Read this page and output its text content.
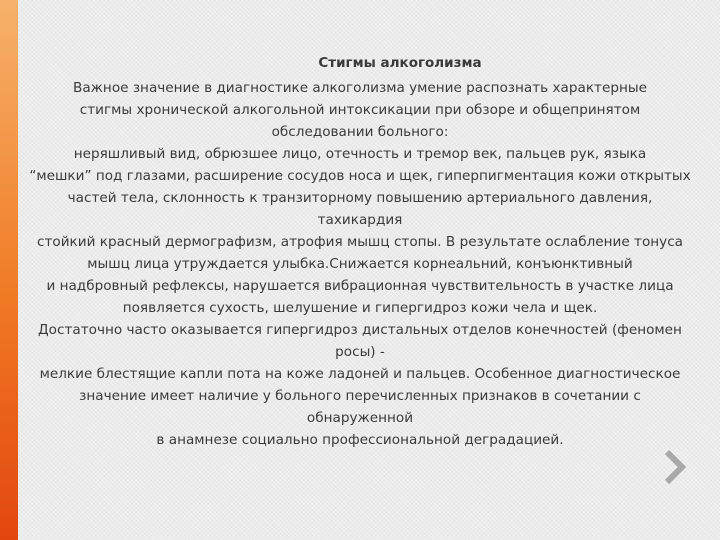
Стигмы алкоголизма
Важное значение в диагностике алкоголизма умение распознать характерные
стигмы хронической алкогольной интоксикации при обзоре и общепринятом
обследовании больного:
неряшливый вид, обрюзшее лицо, отечность и тремор век, пальцев рук, языка
“мешки” под глазами, расширение сосудов носа и щек, гиперпигментация кожи открытых
частей тела, склонность к транзиторному повышению артериального давления,
тахикардия
стойкий красный дермографизм, атрофия мышц стопы. В результате ослабление тонуса
мышц лица утруждается улыбка.Снижается корнеальний, конъюнктивный
и надбровный рефлексы, нарушается вибрационная чувствительность в участке лица
появляется сухость, шелушение и гипергидроз кожи чела и щек.
Достаточно часто оказывается гипергидроз дистальных отделов конечностей (феномен
росы) -
мелкие блестящие капли пота на коже ладоней и пальцев. Особенное диагностическое
значение имеет наличие у больного перечисленных признаков в сочетании с
обнаруженной
в анамнезе социально профессиональной деградацией.
